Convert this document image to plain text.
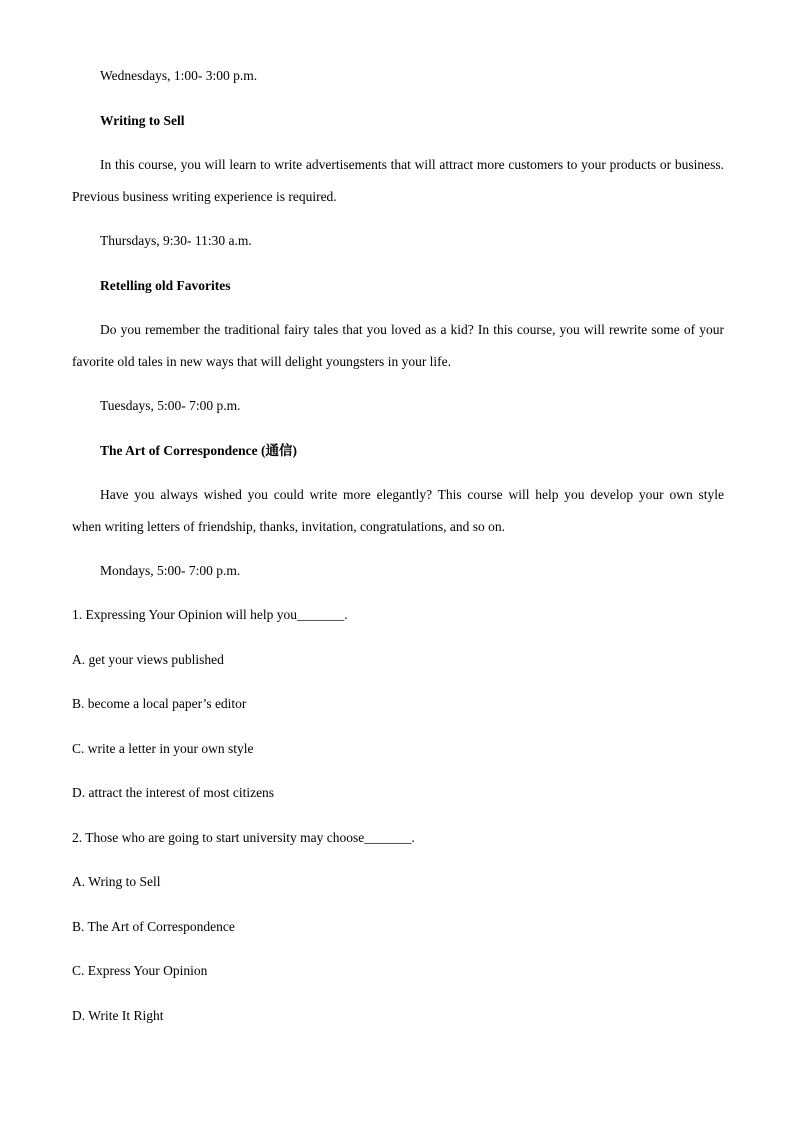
Wednesdays, 1:00- 3:00 p.m.
Writing to Sell
In this course, you will learn to write advertisements that will attract more customers to your products or business.
Previous business writing experience is required.
Thursdays, 9:30- 11:30 a.m.
Retelling old Favorites
Do you remember the traditional fairy tales that you loved as a kid? In this course, you will rewrite some of your
favorite old tales in new ways that will delight youngsters in your life.
Tuesdays, 5:00- 7:00 p.m.
The Art of Correspondence (通信)
Have you always wished you could write more elegantly? This course will help you develop your own style
when writing letters of friendship, thanks, invitation, congratulations, and so on.
Mondays, 5:00- 7:00 p.m.
1. Expressing Your Opinion will help you_______.
A. get your views published
B. become a local paper’s editor
C. write a letter in your own style
D. attract the interest of most citizens
2. Those who are going to start university may choose_______.
A. Wring to Sell
B. The Art of Correspondence
C. Express Your Opinion
D. Write It Right
